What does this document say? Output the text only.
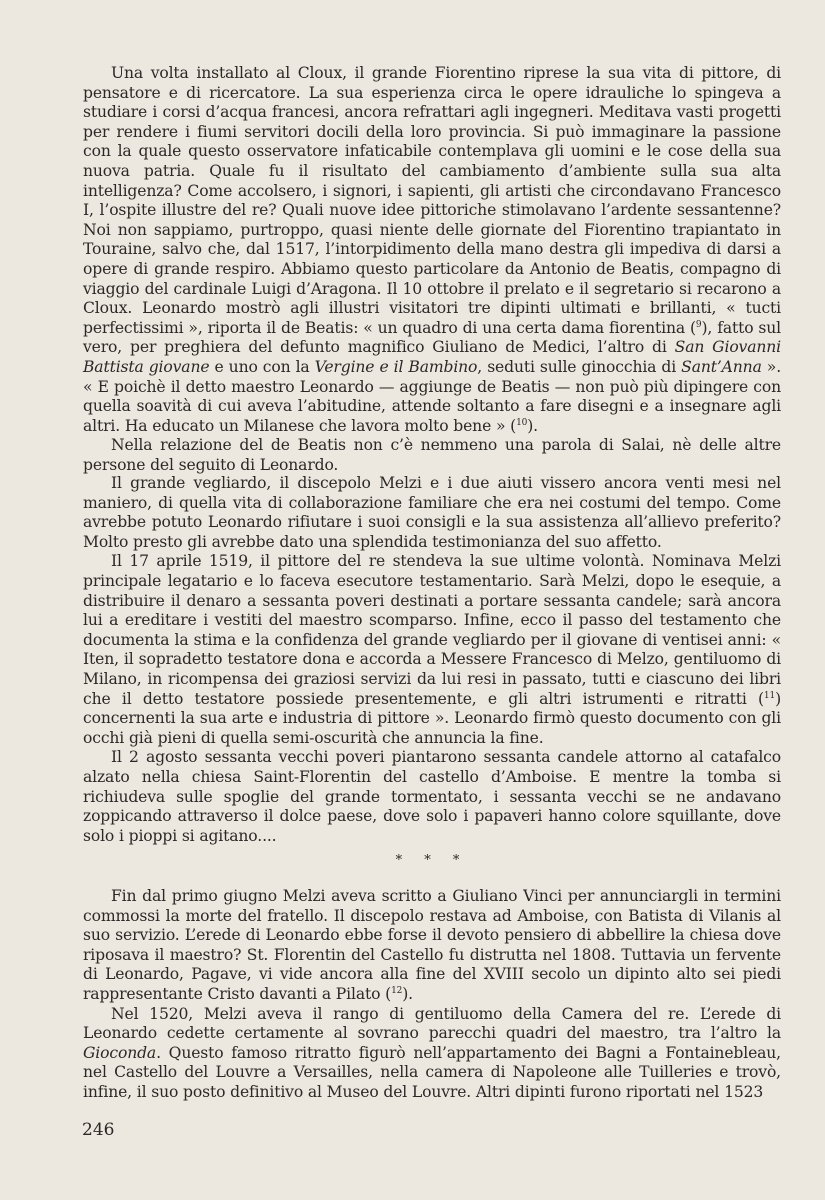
Una volta installato al Cloux, il grande Fiorentino riprese la sua vita di pittore, di pensatore e di ricercatore. La sua esperienza circa le opere idrauliche lo spingeva a studiare i corsi d’acqua francesi, ancora refrattari agli ingegneri. Meditava vasti progetti per rendere i fiumi servitori docili della loro provincia. Si può immaginare la passione con la quale questo osservatore infaticabile contemplava gli uomini e le cose della sua nuova patria. Quale fu il risultato del cambiamento d’ambiente sulla sua alta intelligenza? Come accolsero, i signori, i sapienti, gli artisti che circondavano Francesco I, l’ospite illustre del re? Quali nuove idee pittoriche stimolavano l’ardente sessantenne? Noi non sappiamo, purtroppo, quasi niente delle giornate del Fiorentino trapiantato in Touraine, salvo che, dal 1517, l’intorpidimento della mano destra gli impediva di darsi a opere di grande respiro. Abbiamo questo particolare da Antonio de Beatis, compagno di viaggio del cardinale Luigi d’Aragona. Il 10 ottobre il prelato e il segretario si recarono a Cloux. Leonardo mostrò agli illustri visitatori tre dipinti ultimati e brillanti, « tucti perfectissimi », riporta il de Beatis: « un quadro di una certa dama fiorentina ($^9$), fatto sul vero, per preghiera del defunto magnifico Giuliano de Medici, l’altro di San Giovanni Battista giovane e uno con la Vergine e il Bambino, seduti sulle ginocchia di Sant’Anna ». « E poichè il detto maestro Leonardo — aggiunge de Beatis — non può più dipingere con quella soavità di cui aveva l’abitudine, attende soltanto a fare disegni e a insegnare agli altri. Ha educato un Milanese che lavora molto bene » ($^{10}$).

Nella relazione del de Beatis non c’è nemmeno una parola di Salai, nè delle altre persone del seguito di Leonardo.

Il grande vegliardo, il discepolo Melzi e i due aiuti vissero ancora venti mesi nel maniero, di quella vita di collaborazione familiare che era nei costumi del tempo. Come avrebbe potuto Leonardo rifiutare i suoi consigli e la sua assistenza all’allievo preferito? Molto presto gli avrebbe dato una splendida testimonianza del suo affetto.

Il 17 aprile 1519, il pittore del re stendeva la sue ultime volontà. Nominava Melzi principale legatario e lo faceva esecutore testamentario. Sarà Melzi, dopo le esequie, a distribuire il denaro a sessanta poveri destinati a portare sessanta candele; sarà ancora lui a ereditare i vestiti del maestro scomparso. Infine, ecco il passo del testamento che documenta la stima e la confidenza del grande vegliardo per il giovane di ventisei anni: « Iten, il sopradetto testatore dona e accorda a Messere Francesco di Melzo, gentiluomo di Milano, in ricompensa dei graziosi servizi da lui resi in passato, tutti e ciascuno dei libri che il detto testatore possiede presentemente, e gli altri istrumenti e ritratti ($^{11}$) concernenti la sua arte e industria di pittore ». Leonardo firmò questo documento con gli occhi già pieni di quella semi-oscurità che annuncia la fine.

Il 2 agosto sessanta vecchi poveri piantarono sessanta candele attorno al catafalco alzato nella chiesa Saint-Florentin del castello d’Amboise. E mentre la tomba si richiudeva sulle spoglie del grande tormentato, i sessanta vecchi se ne andavano zoppicando attraverso il dolce paese, dove solo i papaveri hanno colore squillante, dove solo i pioppi si agitano....

* * *

Fin dal primo giugno Melzi aveva scritto a Giuliano Vinci per annunciargli in termini commossi la morte del fratello. Il discepolo restava ad Amboise, con Batista di Vilanis al suo servizio. L’erede di Leonardo ebbe forse il devoto pensiero di abbellire la chiesa dove riposava il maestro? St. Florentin del Castello fu distrutta nel 1808. Tuttavia un fervente di Leonardo, Pagave, vi vide ancora alla fine del XVIII secolo un dipinto alto sei piedi rappresentante Cristo davanti a Pilato ($^{12}$).

Nel 1520, Melzi aveva il rango di gentiluomo della Camera del re. L’erede di Leonardo cedette certamente al sovrano parecchi quadri del maestro, tra l’altro la Gioconda. Questo famoso ritratto figurò nell’appartamento dei Bagni a Fontainebleau, nel Castello del Louvre a Versailles, nella camera di Napoleone alle Tuilleries e trovò, infine, il suo posto definitivo al Museo del Louvre. Altri dipinti furono riportati nel 1523

246
